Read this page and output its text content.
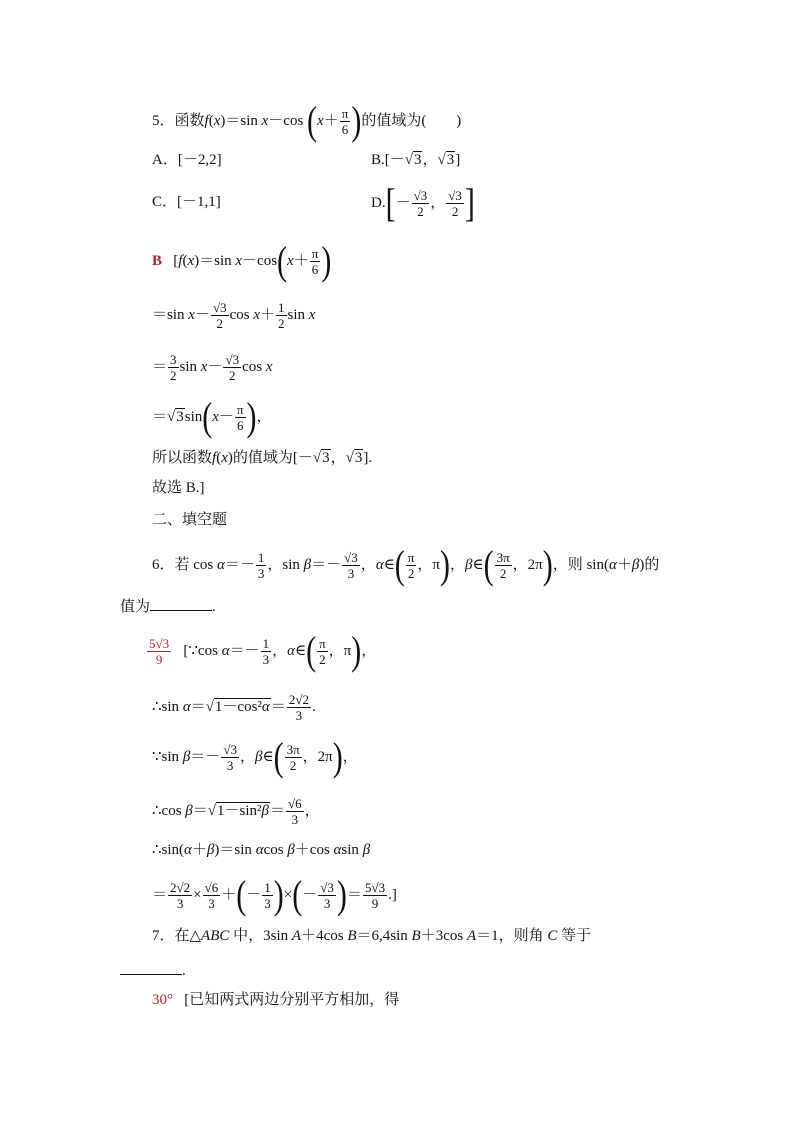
5．函数f(x)＝sin x－cos ($x+ \frac{\pi}{6}$ )的值域为(　　)
A．[－2,2]	B.[－√3，√3]
C．[－1,1]	$D.[- \frac{√3}{2}$ ， $\frac{√3}{2}$ ]
B   [f(x)＝sin $x-\cos(x+ \frac{\pi}{6}$ )
＝sin $x- \frac{√3}{2}$ $\cos x+ \frac{1}{2}$ sin x
＝ $\frac{3}{2}$ $\sin x- \frac{√3}{2}$ cos x
$=√3\sin(x- \frac{\pi}{6}$ )，
所以函数f(x)的值域为[－√3，√3].
故选 B.]
二、填空题
6．若 $\cos \alpha=- \frac{1}{3}$ ，$\sin \beta=- \frac{√3}{3}$ ，α∈( $\frac{\pi}{2}$ ，π)，β∈( $\frac{3\pi}{2}$ ，2π)，则 sin(α＋β)的
值为	.
$\frac{5√3}{9}$ [∵cos $\alpha=- \frac{1}{3}$ ，α∈( $\frac{\pi}{2}$ ，π)，
∴sin $\alpha=√1-\cos^2\alpha= \frac{2√2}{3}$ .
∵sin $\beta=- \frac{√3}{3}$ ，β∈( $\frac{3\pi}{2}$ ，2π)，
∴cos $\beta=√1-\sin^2\beta= \frac{√6}{3}$ ，
∴sin(α＋β)＝sin αcos β＋cos αsin β
＝ $\frac{2√2}{3} \times \frac{√6}{3}$ ＋(－ $\frac{1}{3}$ )×(－ $\frac{√3}{3}$ )＝ $\frac{5√3}{9}$ .]
7．在△ABC 中，3sin A＋4cos B＝6,4sin B＋3cos A＝1，则角 C 等于
.
30° [已知两式两边分别平方相加，得
